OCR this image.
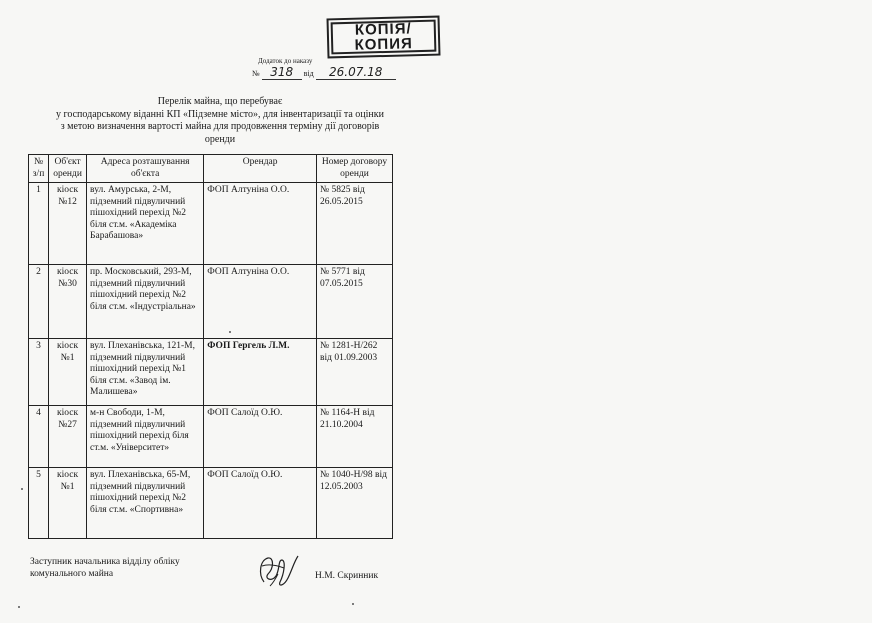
КОПІЯ/
КОПИЯ
Додаток до наказу
№ 318 від 26.07.18
Перелік майна, що перебуває
у господарському віданні КП «Підземне місто», для інвентаризації та оцінки
з метою визначення вартості майна для продовження терміну дії договорів
оренди
№ з/п	Об'єкт оренди	Адреса розташування об'єкта	Орендар	Номер договору оренди
1	кіоск №12	вул. Амурська, 2-М, підземний підвуличний пішохідний перехід №2 біля ст.м. «Академіка Барабашова»	ФОП Алтуніна О.О.	№ 5825 від 26.05.2015
2	кіоск №30	пр. Московський, 293-М, підземний підвуличний пішохідний перехід №2 біля ст.м. «Індустріальна»	ФОП Алтуніна О.О.	№ 5771 від 07.05.2015
3	кіоск №1	вул. Плеханівська, 121-М, підземний підвуличний пішохідний перехід №1 біля ст.м. «Завод ім. Малишева»	ФОП Гергель Л.М.	№ 1281-Н/262 від 01.09.2003
4	кіоск №27	м-н Свободи, 1-М, підземний підвуличний пішохідний перехід біля ст.м. «Університет»	ФОП Салоїд О.Ю.	№ 1164-Н від 21.10.2004
5	кіоск №1	вул. Плеханівська, 65-М, підземний підвуличний пішохідний перехід №2 біля ст.м. «Спортивна»	ФОП Салоїд О.Ю.	№ 1040-Н/98 від 12.05.2003
Заступник начальника відділу обліку
комунального майна	Н.М. Скринник
